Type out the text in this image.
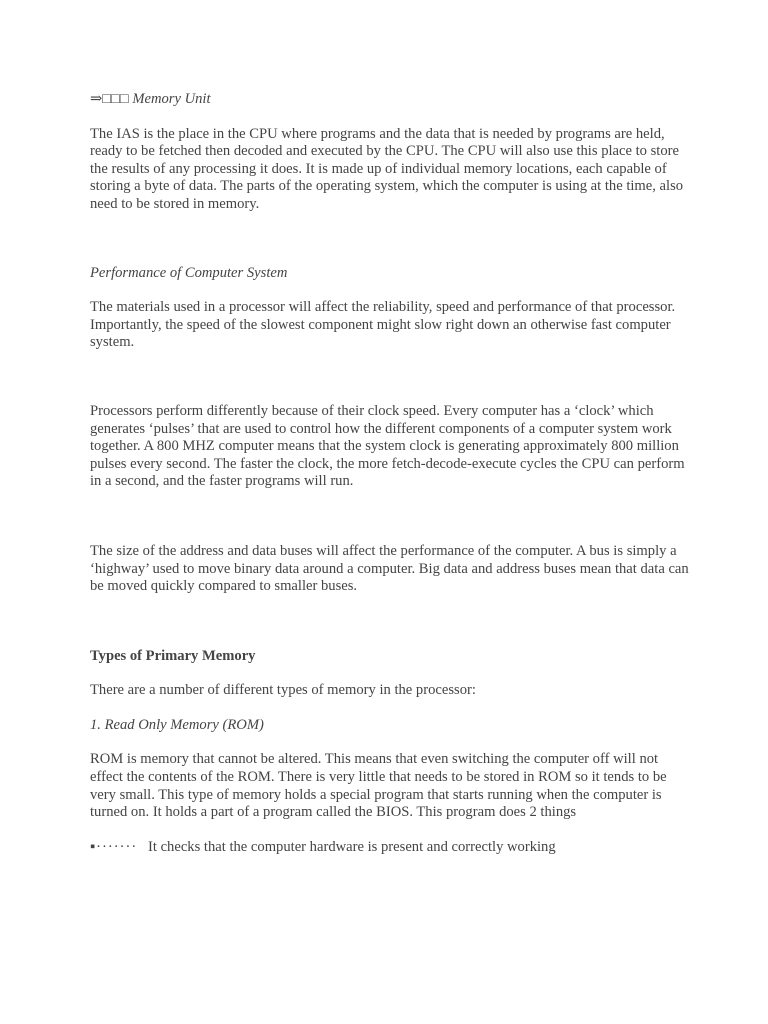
⇒□□□ Memory Unit

The IAS is the place in the CPU where programs and the data that is needed by programs are held, ready to be fetched then decoded and executed by the CPU. The CPU will also use this place to store the results of any processing it does. It is made up of individual memory locations, each capable of storing a byte of data. The parts of the operating system, which the computer is using at the time, also need to be stored in memory.

Performance of Computer System

The materials used in a processor will affect the reliability, speed and performance of that processor. Importantly, the speed of the slowest component might slow right down an otherwise fast computer system.

Processors perform differently because of their clock speed. Every computer has a ‘clock’ which generates ‘pulses’ that are used to control how the different components of a computer system work together. A 800 MHZ computer means that the system clock is generating approximately 800 million pulses every second. The faster the clock, the more fetch-decode-execute cycles the CPU can perform in a second, and the faster programs will run.

The size of the address and data buses will affect the performance of the computer. A bus is simply a ‘highway’ used to move binary data around a computer. Big data and address buses mean that data can be moved quickly compared to smaller buses.

Types of Primary Memory

There are a number of different types of memory in the processor:

1. Read Only Memory (ROM)

ROM is memory that cannot be altered. This means that even switching the computer off will not effect the contents of the ROM. There is very little that needs to be stored in ROM so it tends to be very small. This type of memory holds a special program that starts running when the computer is turned on. It holds a part of a program called the BIOS. This program does 2 things

▪······· It checks that the computer hardware is present and correctly working
